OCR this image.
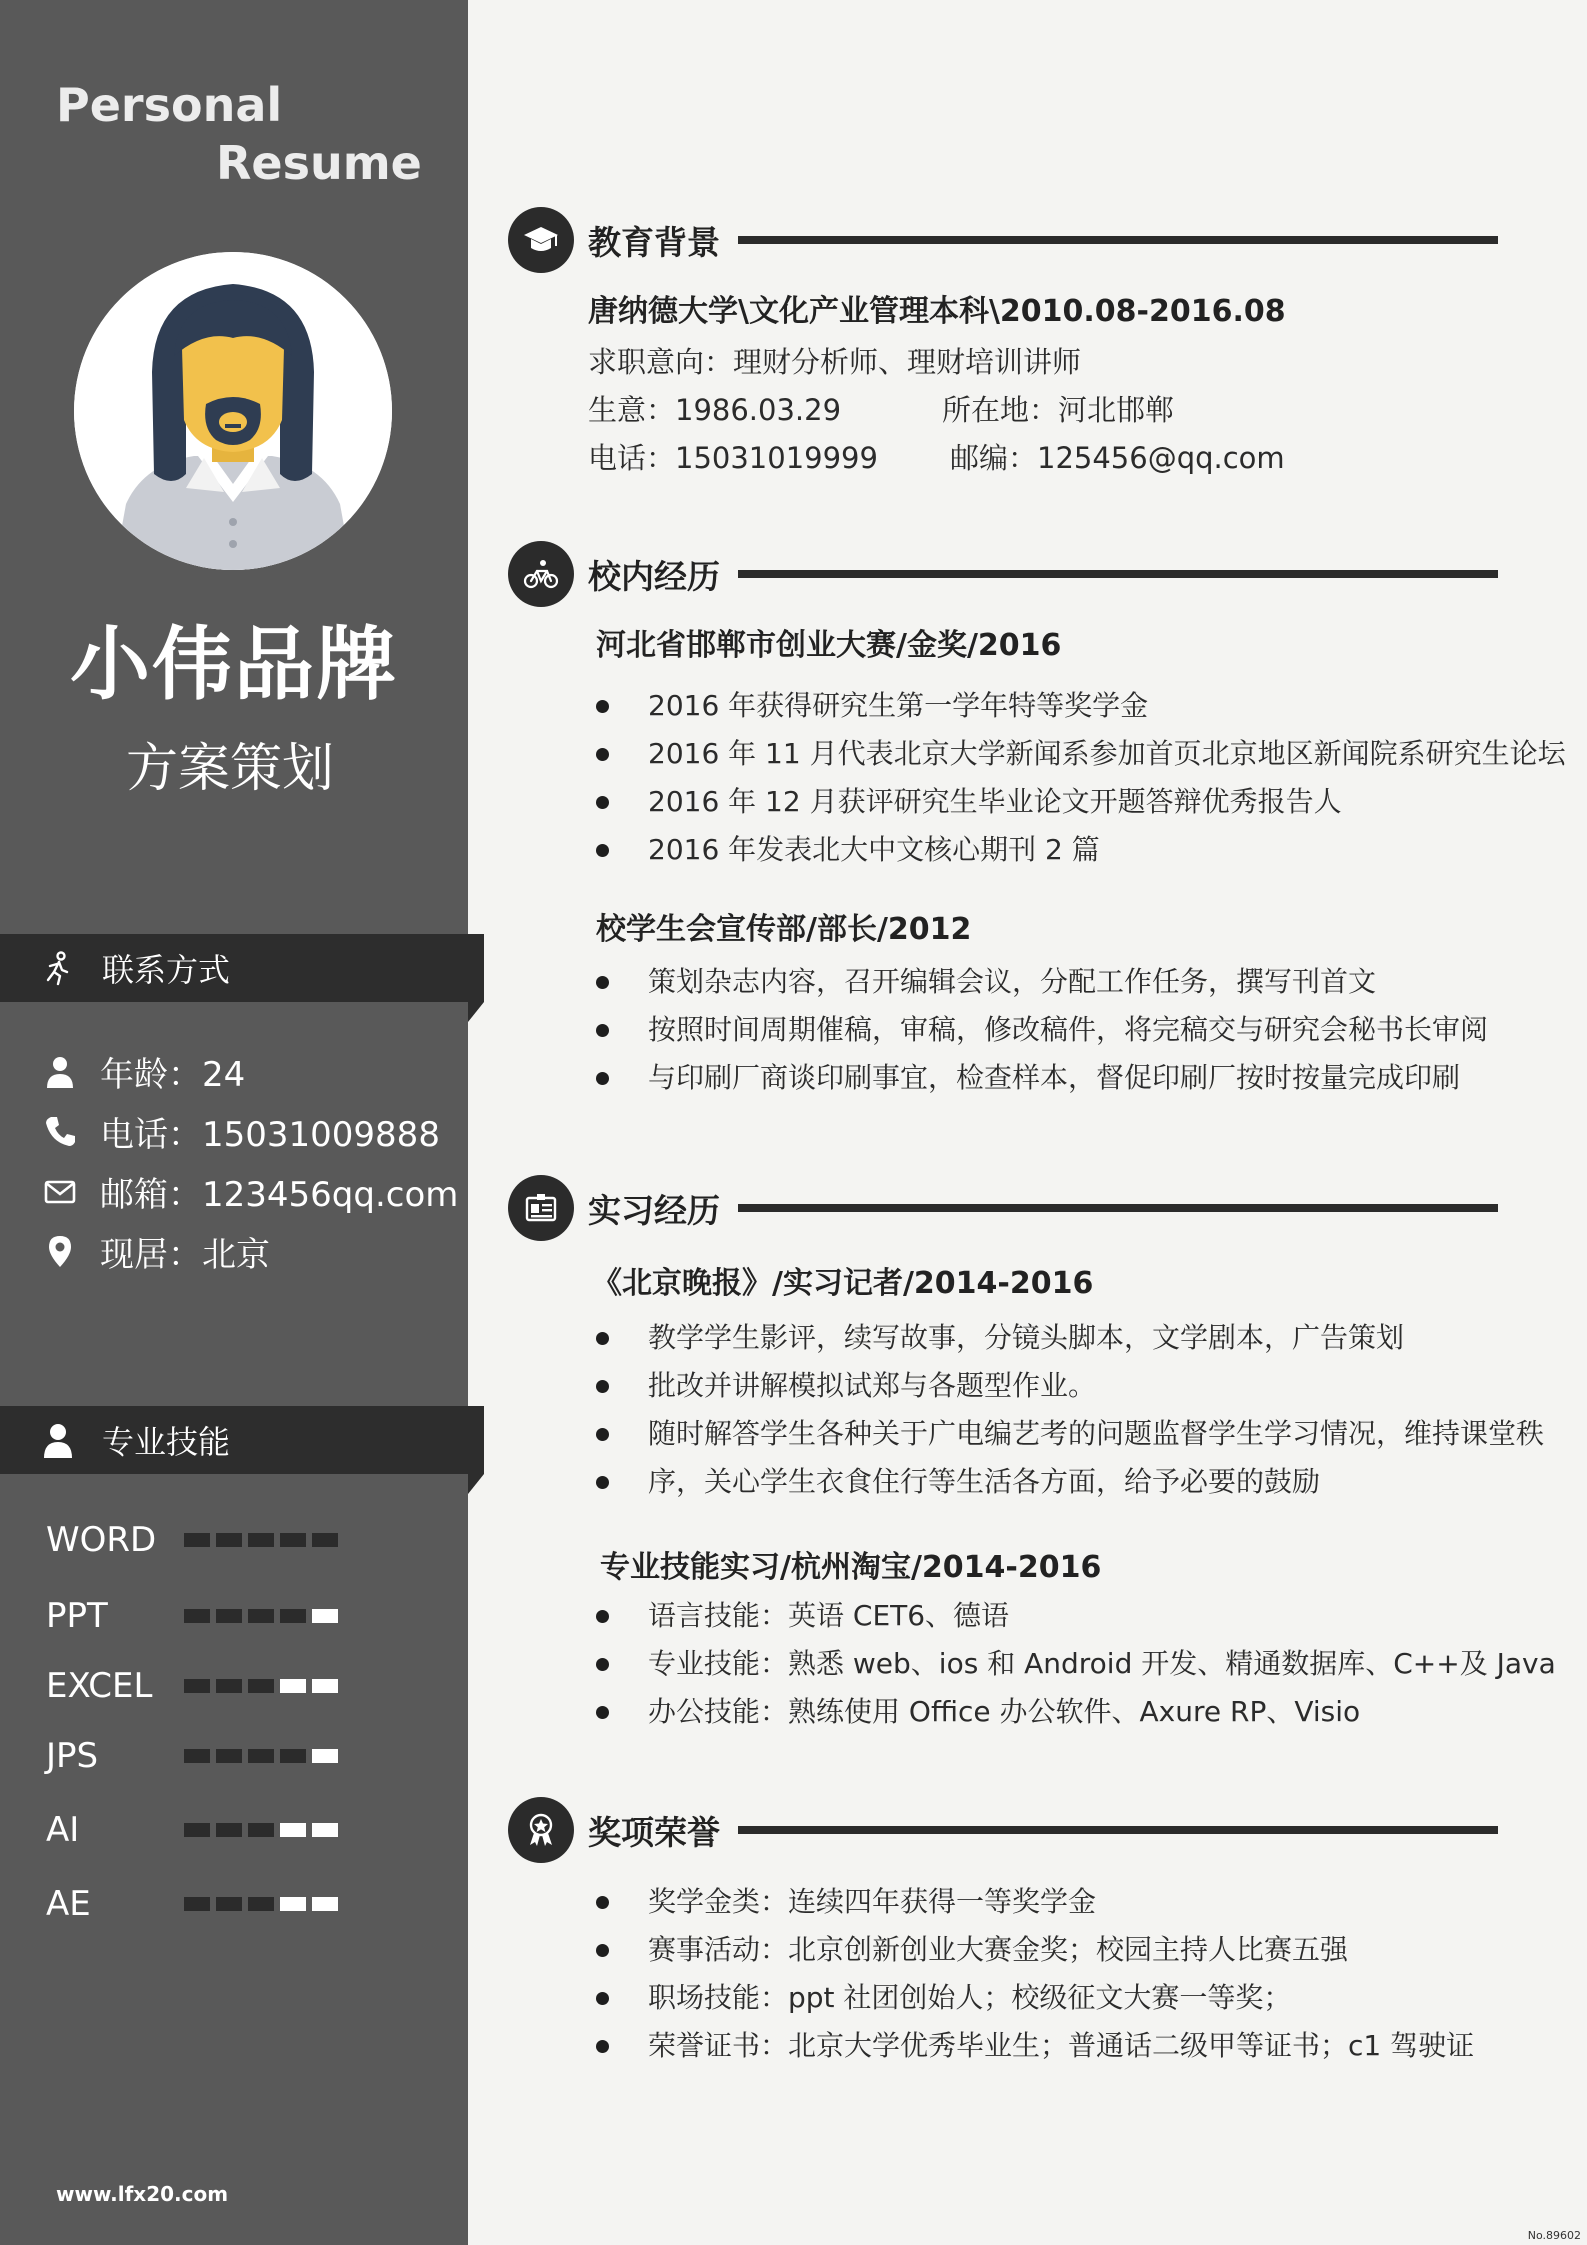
Personal
Resume
小伟品牌
方案策划
联系方式
年龄：24
电话：15031009888
邮箱：123456qq.com
现居：北京
专业技能
WORD
PPT
EXCEL
JPS
AI
AE
www.lfx20.com
教育背景
唐纳德大学\文化产业管理本科\2010.08-2016.08
求职意向：理财分析师、理财培训讲师
生意：1986.03.29	所在地：河北邯郸
电话：15031019999 邮编：125456@qq.com
校内经历
河北省邯郸市创业大赛/金奖/2016
2016 年获得研究生第一学年特等奖学金
2016 年 11 月代表北京大学新闻系参加首页北京地区新闻院系研究生论坛
2016 年 12 月获评研究生毕业论文开题答辩优秀报告人
2016 年发表北大中文核心期刊 2 篇
校学生会宣传部/部长/2012
策划杂志内容，召开编辑会议，分配工作任务，撰写刊首文
按照时间周期催稿，审稿，修改稿件，将完稿交与研究会秘书长审阅
与印刷厂商谈印刷事宜，检查样本，督促印刷厂按时按量完成印刷
实习经历
《北京晚报》/实习记者/2014-2016
教学学生影评，续写故事，分镜头脚本，文学剧本，广告策划
批改并讲解模拟试郑与各题型作业。
随时解答学生各种关于广电编艺考的问题监督学生学习情况，维持课堂秩
序，关心学生衣食住行等生活各方面，给予必要的鼓励
专业技能实习/杭州淘宝/2014-2016
语言技能：英语 CET6、德语
专业技能：熟悉 web、ios 和 Android 开发、精通数据库、C++及 Java
办公技能：熟练使用 Office 办公软件、Axure RP、Visio
奖项荣誉
奖学金类：连续四年获得一等奖学金
赛事活动：北京创新创业大赛金奖；校园主持人比赛五强
职场技能：ppt 社团创始人；校级征文大赛一等奖；
荣誉证书：北京大学优秀毕业生；普通话二级甲等证书；c1 驾驶证
No.89602
